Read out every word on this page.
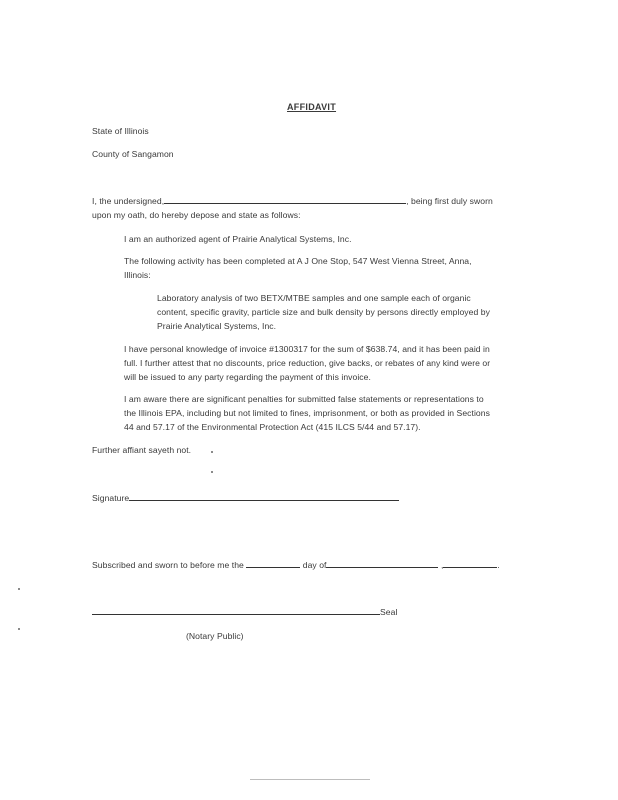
AFFIDAVIT
State of Illinois
County of Sangamon
I, the undersigned,	, being first duly sworn
upon my oath, do hereby depose and state as follows:
I am an authorized agent of Prairie Analytical Systems, Inc.
The following activity has been completed at A J One Stop, 547 West Vienna Street, Anna,
Illinois:
Laboratory analysis of two BETX/MTBE samples and one sample each of organic
content, specific gravity, particle size and bulk density by persons directly employed by
Prairie Analytical Systems, Inc.
I have personal knowledge of invoice #1300317 for the sum of $638.74, and it has been paid in
full. I further attest that no discounts, price reduction, give backs, or rebates of any kind were or
will be issued to any party regarding the payment of this invoice.
I am aware there are significant penalties for submitted false statements or representations to
the Illinois EPA, including but not limited to fines, imprisonment, or both as provided in Sections
44 and 57.17 of the Environmental Protection Act (415 ILCS 5/44 and 57.17).
Further affiant sayeth not.
Signature
Subscribed and sworn to before me the	day of	,	.
Seal
(Notary Public)
